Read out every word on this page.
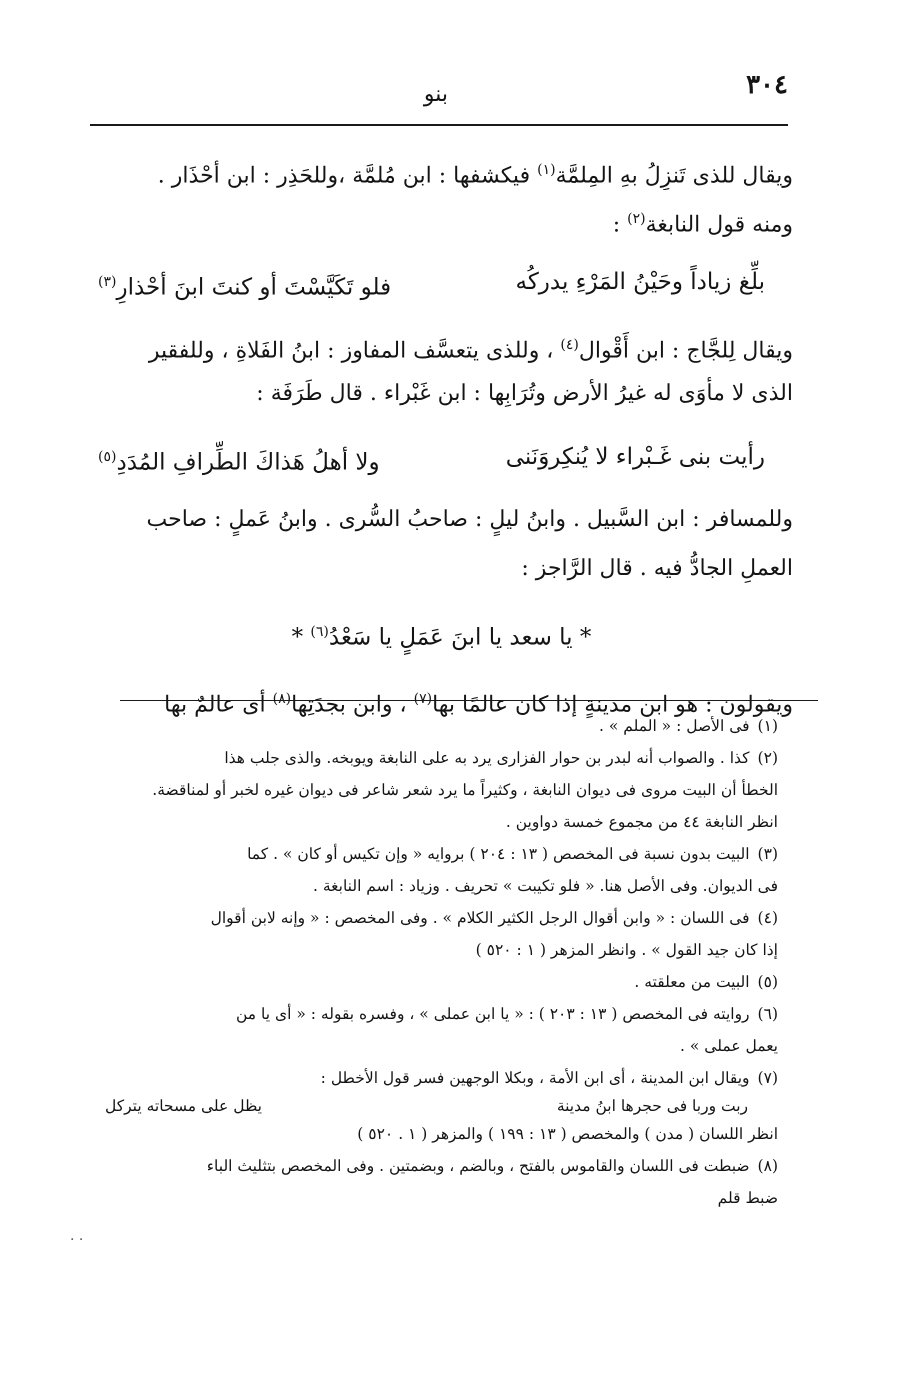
٣٠٤
بنو
ويقال للذى تَنزِلُ بهِ المِلمَّة$^{(١)}$ فيكشفها : ابن مُلمَّة ،وللحَذِر : ابن أحْذَار .
ومنه قول النابغة$^{(٢)}$ :
بلِّغ زياداً وحَيْنُ المَرْءِ يدركُه
فلو تَكَيَّسْتَ أو كنتَ ابنَ أحْذارِ$^{(٣)}$
ويقال لِلجَّاج : ابن أَقْوال$^{(٤)}$ ، وللذى يتعسَّف المفاوز : ابنُ الفَلاةِ ، وللفقير
الذى لا مأوَى له غيرُ الأرض وتُرَابِها : ابن غَبْراء . قال طَرَفَة :
رأيت بنى غَـبْراء لا يُنكِروَنَنى
ولا أهلُ هَذاكَ الطِّرافِ المُدَدِ$^{(٥)}$
وللمسافر : ابن السَّبيل . وابنُ ليلٍ : صاحبُ السُّرى . وابنُ عَملٍ : صاحب
العملِ الجادُّ فيه . قال الرَّاجز :
* يا سعد يا ابنَ عَمَلٍ يا سَعْدُ$^{(٦)}$ *
ويقولون : هو ابن مدينةٍ إذا كان عالمًا بها$^{(٧)}$ ، وابن بجدَتِها$^{(٨)}$ أى عالمٌ بها
(١)فى الأصل : « الملم » .
(٢)كذا . والصواب أنه لبدر بن حوار الفزارى يرد به على النابغة ويوبخه. والذى جلب هذا
الخطأ أن البيت مروى فى ديوان النابغة ، وكثيراً ما يرد شعر شاعر فى ديوان غيره لخبر أو لمناقضة.
انظر النابغة ٤٤ من مجموع خمسة دواوين .
(٣)البيت بدون نسبة فى المخصص ( ١٣ : ٢٠٤ ) بروايه « وإن تكيس أو كان » . كما
فى الديوان. وفى الأصل هنا. « فلو تكيبت » تحريف . وزياد : اسم النابغة .
(٤)فى اللسان : « وابن أقوال الرجل الكثير الكلام » . وفى المخصص : « وإنه لابن أقوال
إذا كان جيد القول » . وانظر المزهر ( ١ : ٥٢٠ )
(٥)البيت من معلقته .
(٦)روايته فى المخصص ( ١٣ : ٢٠٣ ) : « يا ابن عملى » ، وفسره بقوله : « أى يا من
يعمل عملى » .
(٧)ويقال ابن المدينة ، أى ابن الأمة ، وبكلا الوجهين فسر قول الأخطل :
ربت وربا فى حجرها ابنُ مدينة
يظل على مسحاته يتركل
انظر اللسان ( مدن ) والمخصص ( ١٣ : ١٩٩ ) والمزهر ( ١ . ٥٢٠ )
(٨)ضبطت فى اللسان والقاموس بالفتح ، وبالضم ، وبضمتين . وفى المخصص بتثليث الباء
ضبط قلم
· ·
